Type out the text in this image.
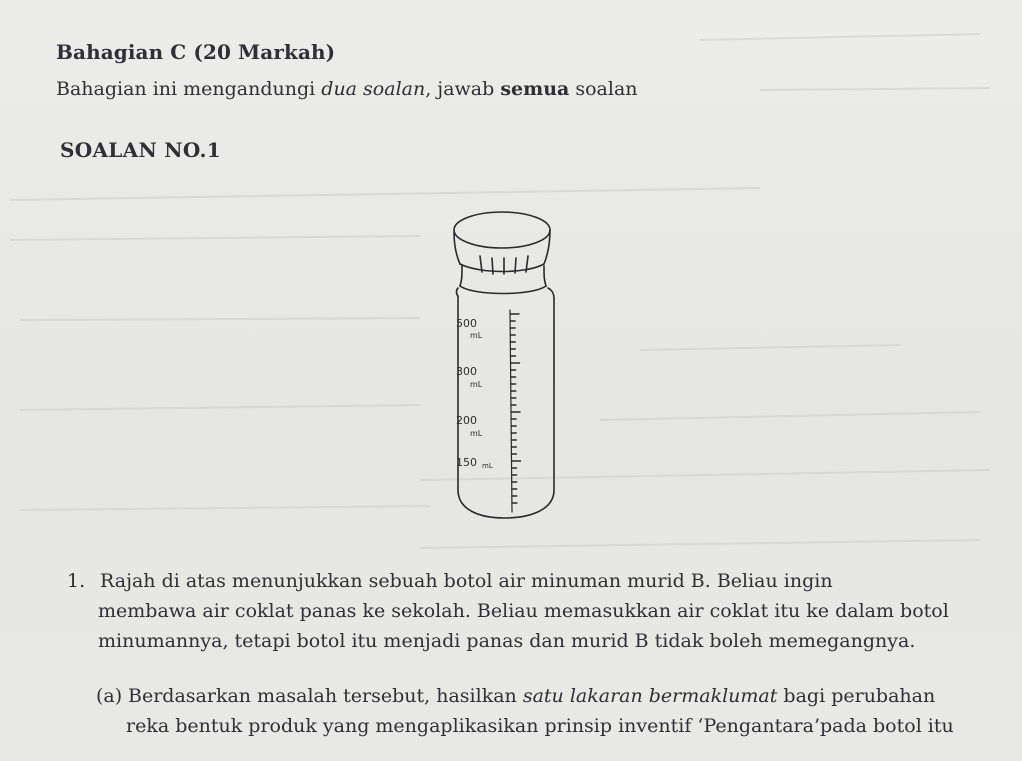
Bahagian C (20 Markah)
Bahagian ini mengandungi dua soalan, jawab semua soalan
SOALAN NO.1
500
mL
300
mL
200
mL
150 mL
1. Rajah di atas menunjukkan sebuah botol air minuman murid B. Beliau ingin
membawa air coklat panas ke sekolah. Beliau memasukkan air coklat itu ke dalam botol
minumannya, tetapi botol itu menjadi panas dan murid B tidak boleh memegangnya.
(a) Berdasarkan masalah tersebut, hasilkan satu lakaran bermaklumat bagi perubahan
reka bentuk produk yang mengaplikasikan prinsip inventif ‘Pengantara’pada botol itu
